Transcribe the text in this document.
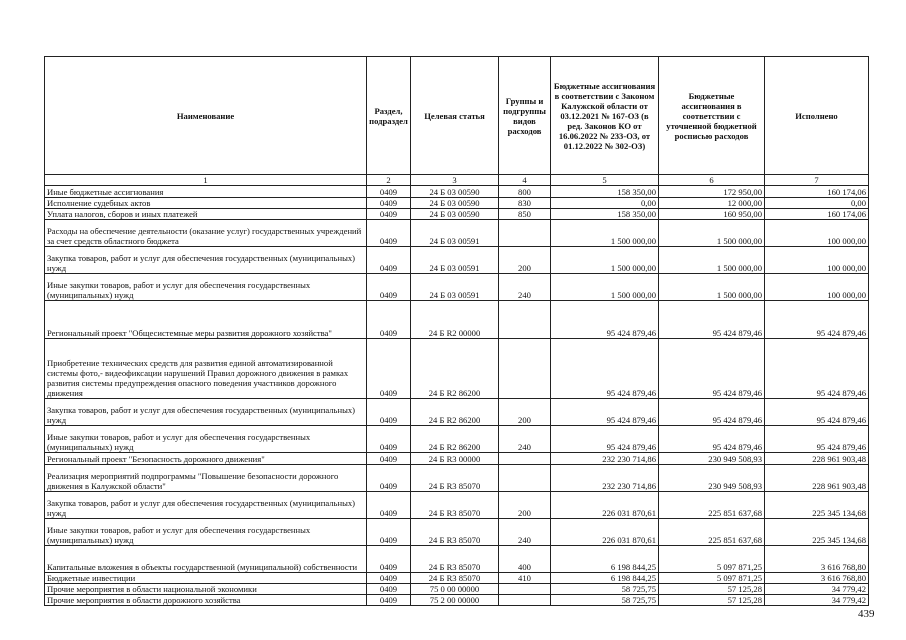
Наименование	Раздел, подраздел	Целевая статья	Группы и подгруппы видов расходов	Бюджетные ассигнования в соответствии с Законом Калужской области от 03.12.2021 № 167-ОЗ (в ред. Законов КО от 16.06.2022 № 233-ОЗ, от 01.12.2022 № 302-ОЗ)	Бюджетные ассигнования в соответствии с уточненной бюджетной росписью расходов	Исполнено
1	2	3	4	5	6	7
Иные бюджетные ассигнования	0409	24 Б 03 00590	800	158 350,00	172 950,00	160 174,06
Исполнение судебных актов	0409	24 Б 03 00590	830	0,00	12 000,00	0,00
Уплата налогов, сборов и иных платежей	0409	24 Б 03 00590	850	158 350,00	160 950,00	160 174,06
Расходы на обеспечение деятельности (оказание услуг) государственных учреждений за счет средств областного бюджета	0409	24 Б 03 00591		1 500 000,00	1 500 000,00	100 000,00
Закупка товаров, работ и услуг для обеспечения государственных (муниципальных) нужд	0409	24 Б 03 00591	200	1 500 000,00	1 500 000,00	100 000,00
Иные закупки товаров, работ и услуг для обеспечения государственных (муниципальных) нужд	0409	24 Б 03 00591	240	1 500 000,00	1 500 000,00	100 000,00
Региональный проект "Общесистемные меры развития дорожного хозяйства"	0409	24 Б R2 00000		95 424 879,46	95 424 879,46	95 424 879,46
Приобретение технических средств для развития единой автоматизированной системы фото,- видеофиксации нарушений Правил дорожного движения в рамках развития системы предупреждения опасного поведения участников дорожного движения	0409	24 Б R2 86200		95 424 879,46	95 424 879,46	95 424 879,46
Закупка товаров, работ и услуг для обеспечения государственных (муниципальных) нужд	0409	24 Б R2 86200	200	95 424 879,46	95 424 879,46	95 424 879,46
Иные закупки товаров, работ и услуг для обеспечения государственных (муниципальных) нужд	0409	24 Б R2 86200	240	95 424 879,46	95 424 879,46	95 424 879,46
Региональный проект "Безопасность дорожного движения"	0409	24 Б R3 00000		232 230 714,86	230 949 508,93	228 961 903,48
Реализация мероприятий подпрограммы "Повышение безопасности дорожного движения в Калужской области"	0409	24 Б R3 85070		232 230 714,86	230 949 508,93	228 961 903,48
Закупка товаров, работ и услуг для обеспечения государственных (муниципальных) нужд	0409	24 Б R3 85070	200	226 031 870,61	225 851 637,68	225 345 134,68
Иные закупки товаров, работ и услуг для обеспечения государственных (муниципальных) нужд	0409	24 Б R3 85070	240	226 031 870,61	225 851 637,68	225 345 134,68
Капитальные вложения в объекты государственной (муниципальной) собственности	0409	24 Б R3 85070	400	6 198 844,25	5 097 871,25	3 616 768,80
Бюджетные инвестиции	0409	24 Б R3 85070	410	6 198 844,25	5 097 871,25	3 616 768,80
Прочие мероприятия в области национальной экономики	0409	75 0 00 00000		58 725,75	57 125,28	34 779,42
Прочие мероприятия в области дорожного хозяйства	0409	75 2 00 00000		58 725,75	57 125,28	34 779,42
439
